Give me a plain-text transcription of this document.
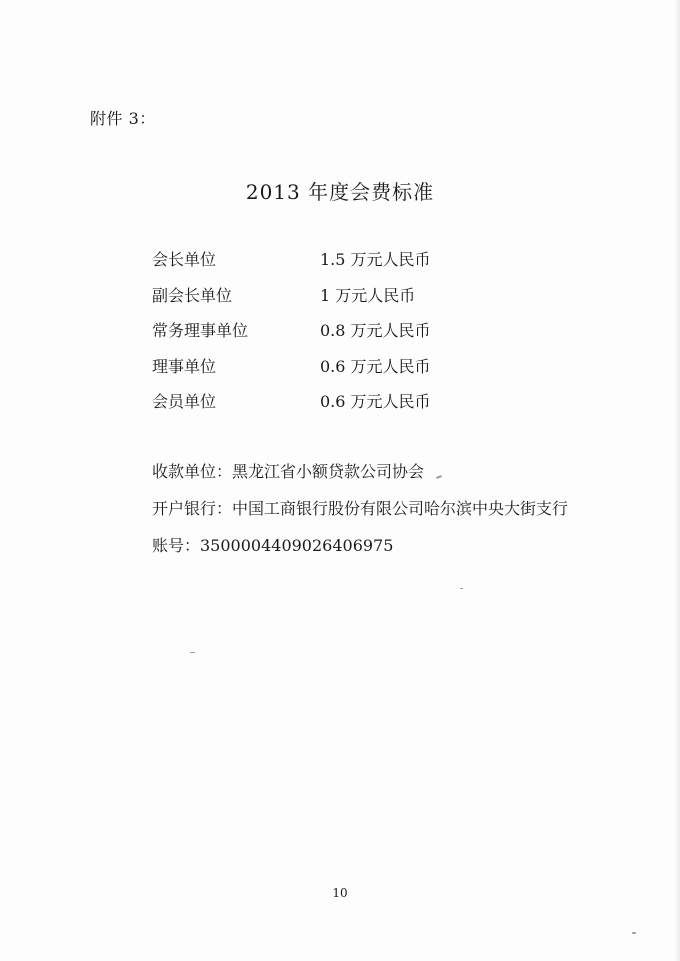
附件 3：
2013 年度会费标准
会长单位	1.5 万元人民币
副会长单位	1 万元人民币
常务理事单位	0.8 万元人民币
理事单位	0.6 万元人民币
会员单位	0.6 万元人民币
收款单位：黑龙江省小额贷款公司协会
开户银行：中国工商银行股份有限公司哈尔滨中央大街支行
账号：3500004409026406975
10
